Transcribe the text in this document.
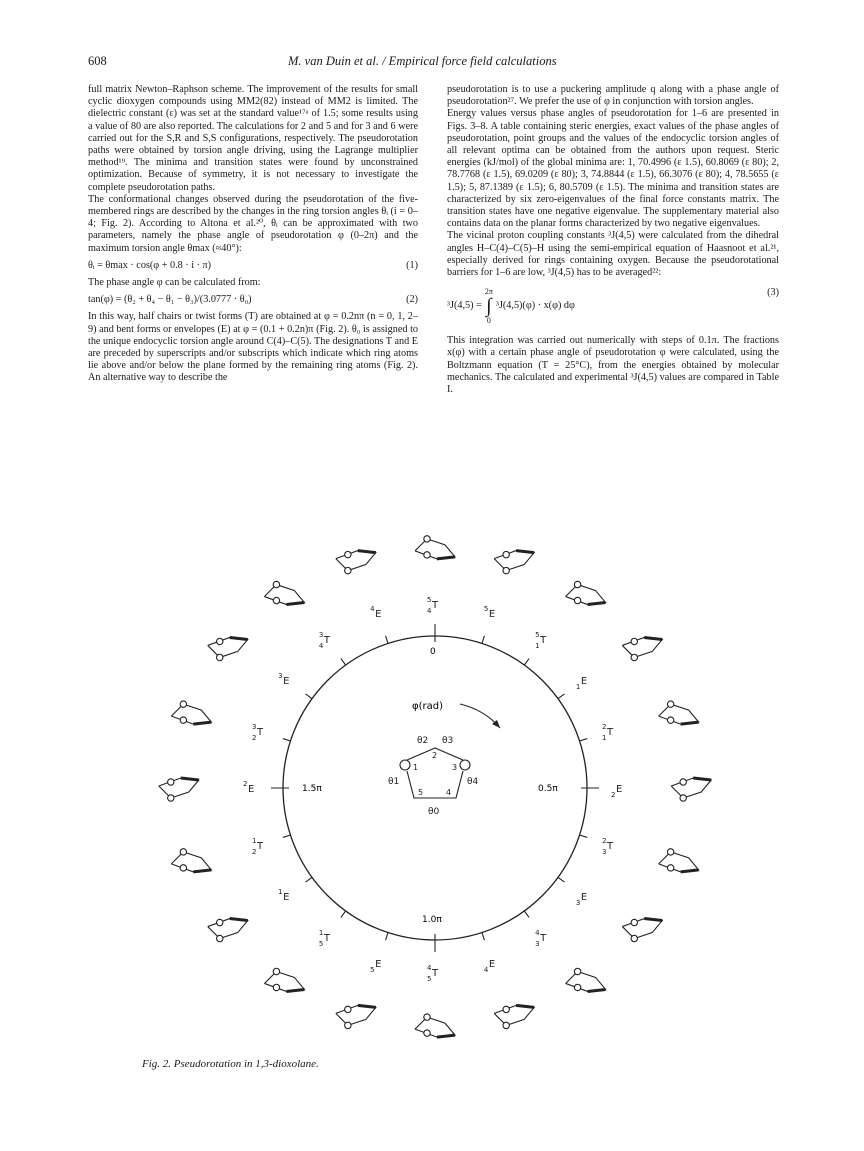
608	M. van Duin et al. / Empirical force field calculations

full matrix Newton–Raphson scheme. The improvement of the results for small cyclic dioxygen compounds using MM2(82) instead of MM2 is limited. The dielectric constant (ε) was set at the standard value¹⁷ᵃ of 1.5; some results using a value of 80 are also reported. The calculations for 2 and 5 and for 3 and 6 were carried out for the S,R and S,S configurations, respectively. The pseudorotation paths were obtained by torsion angle driving, using the Lagrange multiplier method¹⁹. The minima and transition states were found by unconstrained optimization. Because of symmetry, it is not necessary to investigate the complete pseudorotation paths.

The conformational changes observed during the pseudorotation of the five-membered rings are described by the changes in the ring torsion angles θᵢ (i = 0–4; Fig. 2). According to Altona et al.²⁰, θᵢ can be approximated with two parameters, namely the phase angle of pseudorotation φ (0–2π) and the maximum torsion angle θmax (≈40°):

θᵢ = θmax · cos(φ + 0.8 · i · π)	(1)

The phase angle φ can be calculated from:

tan(φ) = (θ₂ + θ₄ − θ₁ − θ₃)/(3.0777 · θ₀)	(2)

In this way, half chairs or twist forms (T) are obtained at φ = 0.2nπ (n = 0, 1, 2–9) and bent forms or envelopes (E) at φ = (0.1 + 0.2n)π (Fig. 2). θ₀ is assigned to the unique endocyclic torsion angle around C(4)–C(5). The designations T and E are preceded by superscripts and/or subscripts which indicate which ring atoms lie above and/or below the plane formed by the remaining ring atoms (Fig. 2). An alternative way to describe the

pseudorotation is to use a puckering amplitude q along with a phase angle of pseudorotation²⁷. We prefer the use of φ in conjunction with torsion angles.

Energy values versus phase angles of pseudorotation for 1–6 are presented in Figs. 3–8. A table containing steric energies, exact values of the phase angles of pseudorotation, point groups and the values of the endocyclic torsion angles of all relevant optima can be obtained from the authors upon request. Steric energies (kJ/mol) of the global minima are: 1, 70.4996 (ε 1.5), 60.8069 (ε 80); 2, 78.7768 (ε 1.5), 69.0209 (ε 80); 3, 74.8844 (ε 1.5), 66.3076 (ε 80); 4, 78.5655 (ε 1.5); 5, 87.1389 (ε 1.5); 6, 80.5709 (ε 1.5). The minima and transition states are characterized by six zero-eigenvalues of the final force constants matrix. The transition states have one negative eigenvalue. The supplementary material also contains data on the planar forms characterized by two negative eigenvalues.

The vicinal proton coupling constants ³J(4,5) were calculated from the dihedral angles H–C(4)–C(5)–H using the semi-empirical equation of Haasnoot et al.²¹, especially derived for rings containing oxygen. Because the pseudorotational barriers for 1–6 are low, ³J(4,5) has to be averaged²²:

³J(4,5) =
2π
∫
0
³J(4,5)(φ) · x(φ) dφ
(3)

This integration was carried out numerically with steps of 0.1π. The fractions x(φ) with a certain phase angle of pseudorotation φ were calculated, using the Boltzmann equation (T = 25°C), from the energies obtained by molecular mechanics. The calculated and experimental ³J(4,5) values are compared in Table I.

φ(rad)
0
0.5π
1.0π
1.5π
θ2 θ3
2
1	3
θ1	θ4
5	4
θ0
T
5
4	E
5
T
5
1
E
1
T
2
1
E
2
T
2
3
E
3
T
4
3
E
4
T
4
5
E
5
T
1
5
E
1
T
1
2
E
2
T
3
2
E
3
T
3
4
E
4
Fig. 2. Pseudorotation in 1,3-dioxolane.
